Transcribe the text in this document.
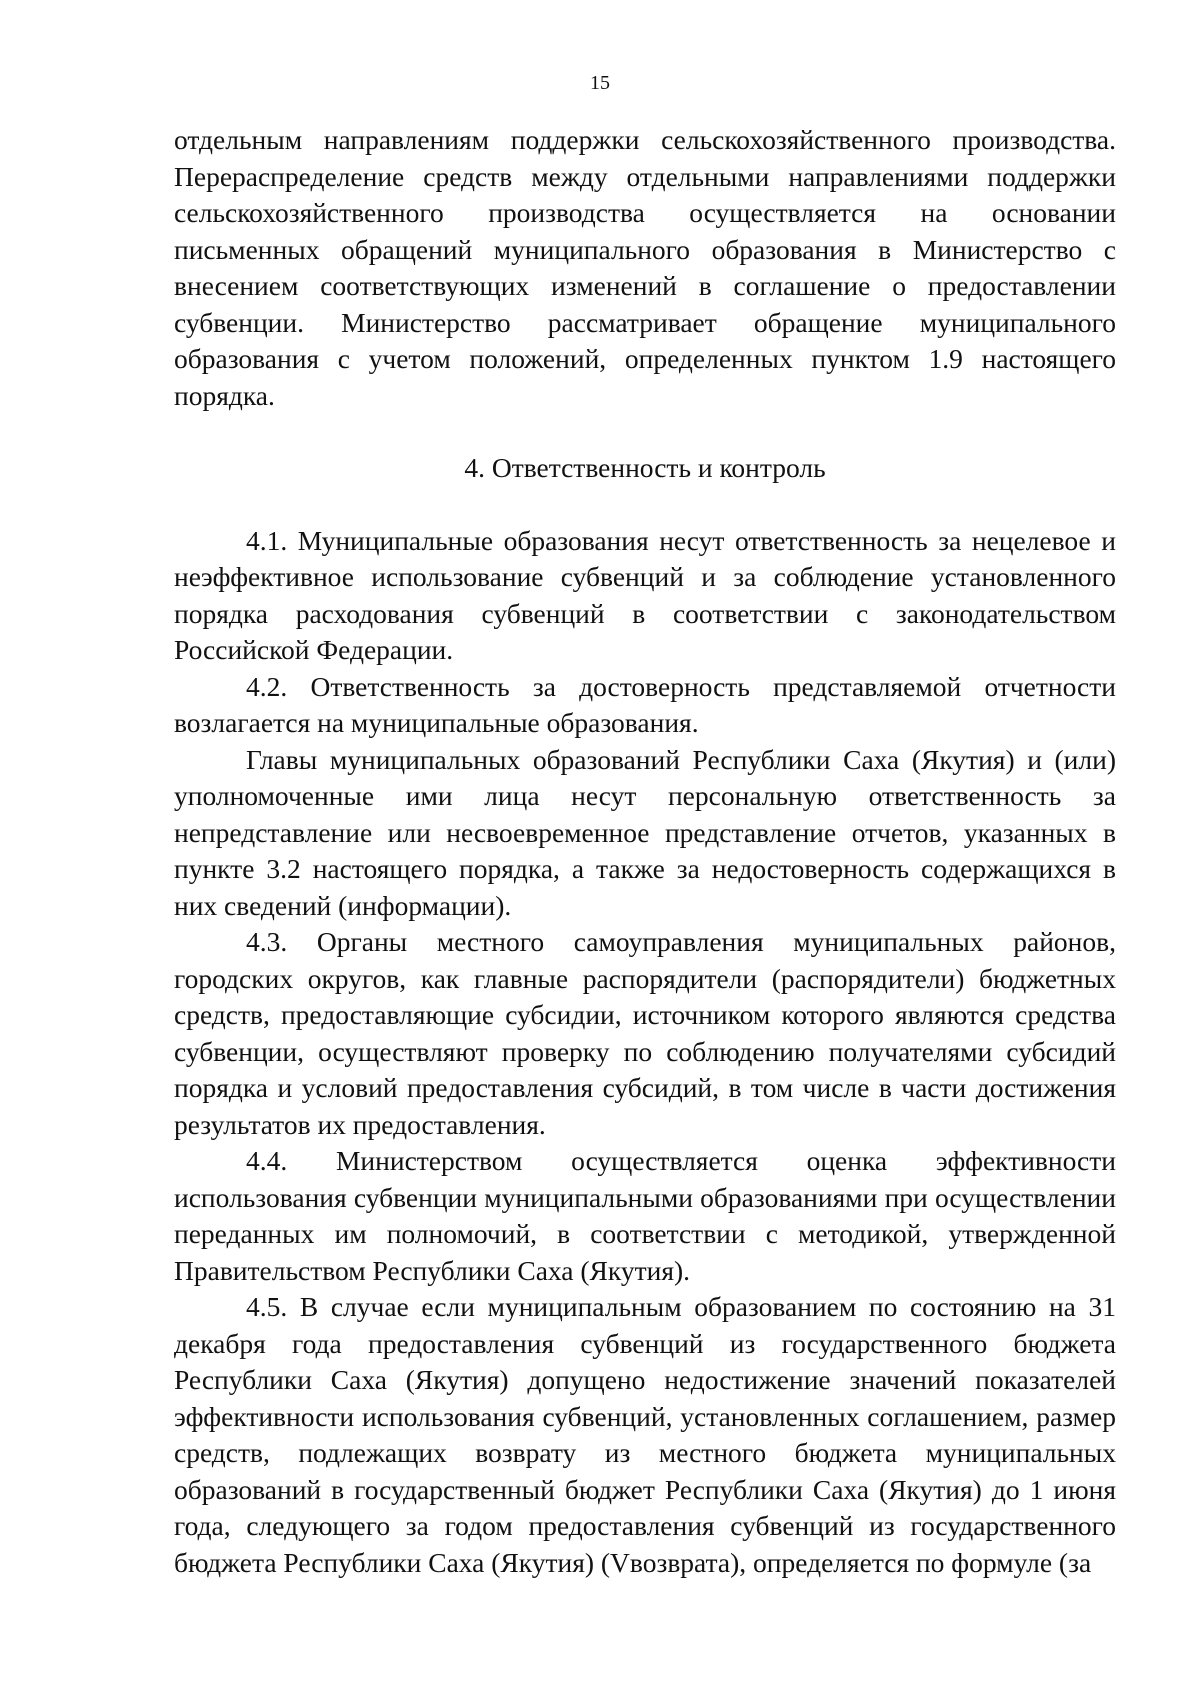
15

отдельным направлениям поддержки сельскохозяйственного производства. Перераспределение средств между отдельными направлениями поддержки сельскохозяйственного производства осуществляется на основании письменных обращений муниципального образования в Министерство с внесением соответствующих изменений в соглашение о предоставлении субвенции. Министерство рассматривает обращение муниципального образования с учетом положений, определенных пунктом 1.9 настоящего порядка.

4. Ответственность и контроль

4.1. Муниципальные образования несут ответственность за нецелевое и неэффективное использование субвенций и за соблюдение установленного порядка расходования субвенций в соответствии с законодательством Российской Федерации.

4.2. Ответственность за достоверность представляемой отчетности возлагается на муниципальные образования.

Главы муниципальных образований Республики Саха (Якутия) и (или) уполномоченные ими лица несут персональную ответственность за непредставление или несвоевременное представление отчетов, указанных в пункте 3.2 настоящего порядка, а также за недостоверность содержащихся в них сведений (информации).

4.3. Органы местного самоуправления муниципальных районов, городских округов, как главные распорядители (распорядители) бюджетных средств, предоставляющие субсидии, источником которого являются средства субвенции, осуществляют проверку по соблюдению получателями субсидий порядка и условий предоставления субсидий, в том числе в части достижения результатов их предоставления.

4.4. Министерством осуществляется оценка эффективности использования субвенции муниципальными образованиями при осуществлении переданных им полномочий, в соответствии с методикой, утвержденной Правительством Республики Саха (Якутия).

4.5. В случае если муниципальным образованием по состоянию на 31 декабря года предоставления субвенций из государственного бюджета Республики Саха (Якутия) допущено недостижение значений показателей эффективности использования субвенций, установленных соглашением, размер средств, подлежащих возврату из местного бюджета муниципальных образований в государственный бюджет Республики Саха (Якутия) до 1 июня года, следующего за годом предоставления субвенций из государственного бюджета Республики Саха (Якутия) (Vвозврата), определяется по формуле (за
